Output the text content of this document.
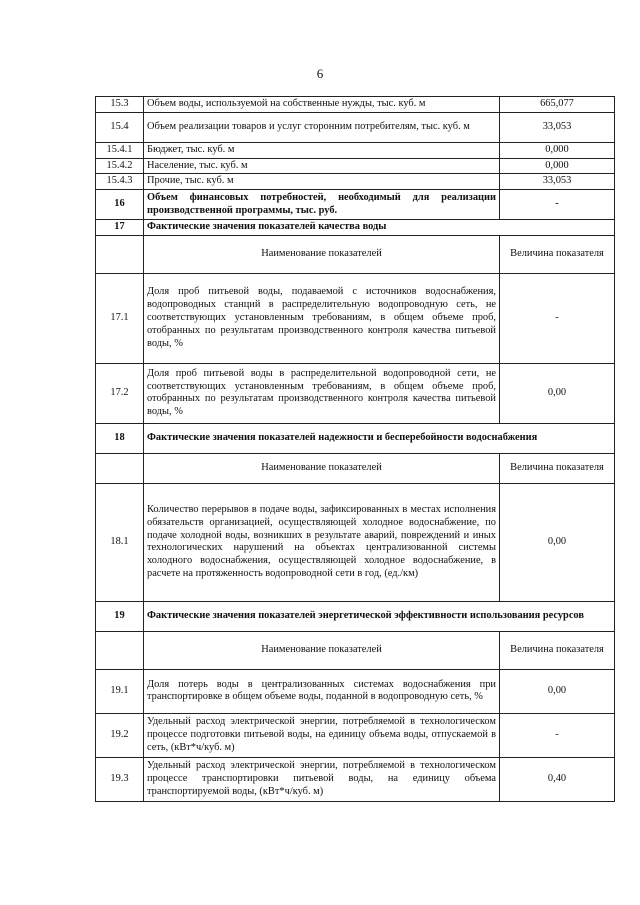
6
15.3	Объем воды, используемой на собственные нужды, тыс. куб. м	665,077
15.4	Объем реализации товаров и услуг сторонним потребителям, тыс. куб. м	33,053
15.4.1	Бюджет, тыс. куб. м	0,000
15.4.2	Население, тыс. куб. м	0,000
15.4.3	Прочие, тыс. куб. м	33,053
16	Объем финансовых потребностей, необходимый для реализации производственной программы, тыс. руб.	-
17	Фактические значения показателей качества воды	
	Наименование показателей	Величина показателя
17.1	Доля проб питьевой воды, подаваемой с источников водоснабжения, водопроводных станций в распределительную водопроводную сеть, не соответствующих установленным требованиям, в общем объеме проб, отобранных по результатам производственного контроля качества питьевой воды, %	-
17.2	Доля проб питьевой воды в распределительной водопроводной сети, не соответствующих установленным требованиям, в общем объеме проб, отобранных по результатам производственного контроля качества питьевой воды, %	0,00
18	Фактические значения показателей надежности и бесперебойности водоснабжения	
	Наименование показателей	Величина показателя
18.1	Количество перерывов в подаче воды, зафиксированных в местах исполнения обязательств организацией, осуществляющей холодное водоснабжение, по подаче холодной воды, возникших в результате аварий, повреждений и иных технологических нарушений на объектах централизованной системы холодного водоснабжения, осуществляющей холодное водоснабжение, в расчете на протяженность водопроводной сети в год, (ед./км)	0,00
19	Фактические значения показателей энергетической эффективности использования ресурсов	
	Наименование показателей	Величина показателя
19.1	Доля потерь воды в централизованных системах водоснабжения при транспортировке в общем объеме воды, поданной в водопроводную сеть, %	0,00
19.2	Удельный расход электрической энергии, потребляемой в технологическом процессе подготовки питьевой воды, на единицу объема воды, отпускаемой в сеть, (кВт*ч/куб. м)	-
19.3	Удельный расход электрической энергии, потребляемой в технологическом процессе транспортировки питьевой воды, на единицу объема транспортируемой воды, (кВт*ч/куб. м)	0,40
